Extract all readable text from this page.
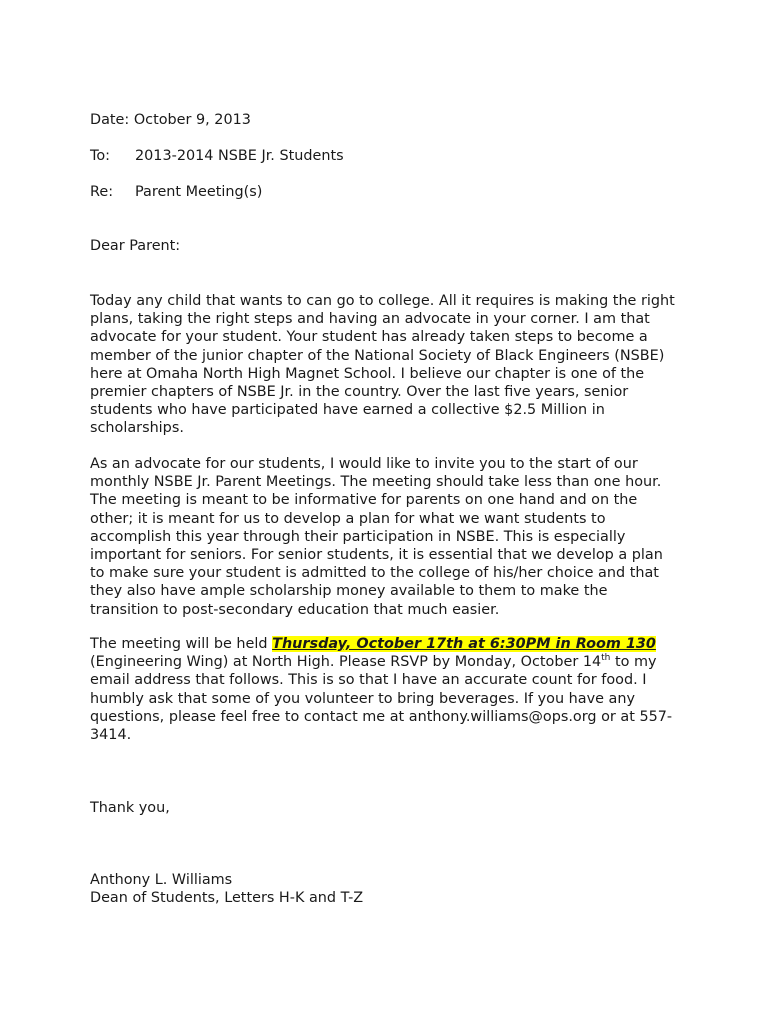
Date: October 9, 2013
To: 2013-2014 NSBE Jr. Students
Re: Parent Meeting(s)
Dear Parent:

Today any child that wants to can go to college. All it requires is making the right plans, taking the right steps and having an advocate in your corner. I am that advocate for your student. Your student has already taken steps to become a member of the junior chapter of the National Society of Black Engineers (NSBE) here at Omaha North High Magnet School. I believe our chapter is one of the premier chapters of NSBE Jr. in the country. Over the last five years, senior students who have participated have earned a collective $2.5 Million in scholarships.

As an advocate for our students, I would like to invite you to the start of our monthly NSBE Jr. Parent Meetings. The meeting should take less than one hour. The meeting is meant to be informative for parents on one hand and on the other; it is meant for us to develop a plan for what we want students to accomplish this year through their participation in NSBE. This is especially important for seniors. For senior students, it is essential that we develop a plan to make sure your student is admitted to the college of his/her choice and that they also have ample scholarship money available to them to make the transition to post-secondary education that much easier.

The meeting will be held Thursday, October 17th at 6:30PM in Room 130 (Engineering Wing) at North High. Please RSVP by Monday, October 14th to my email address that follows. This is so that I have an accurate count for food. I humbly ask that some of you volunteer to bring beverages. If you have any questions, please feel free to contact me at anthony.williams@ops.org or at 557-3414.

Thank you,
Anthony L. Williams
Dean of Students, Letters H-K and T-Z
